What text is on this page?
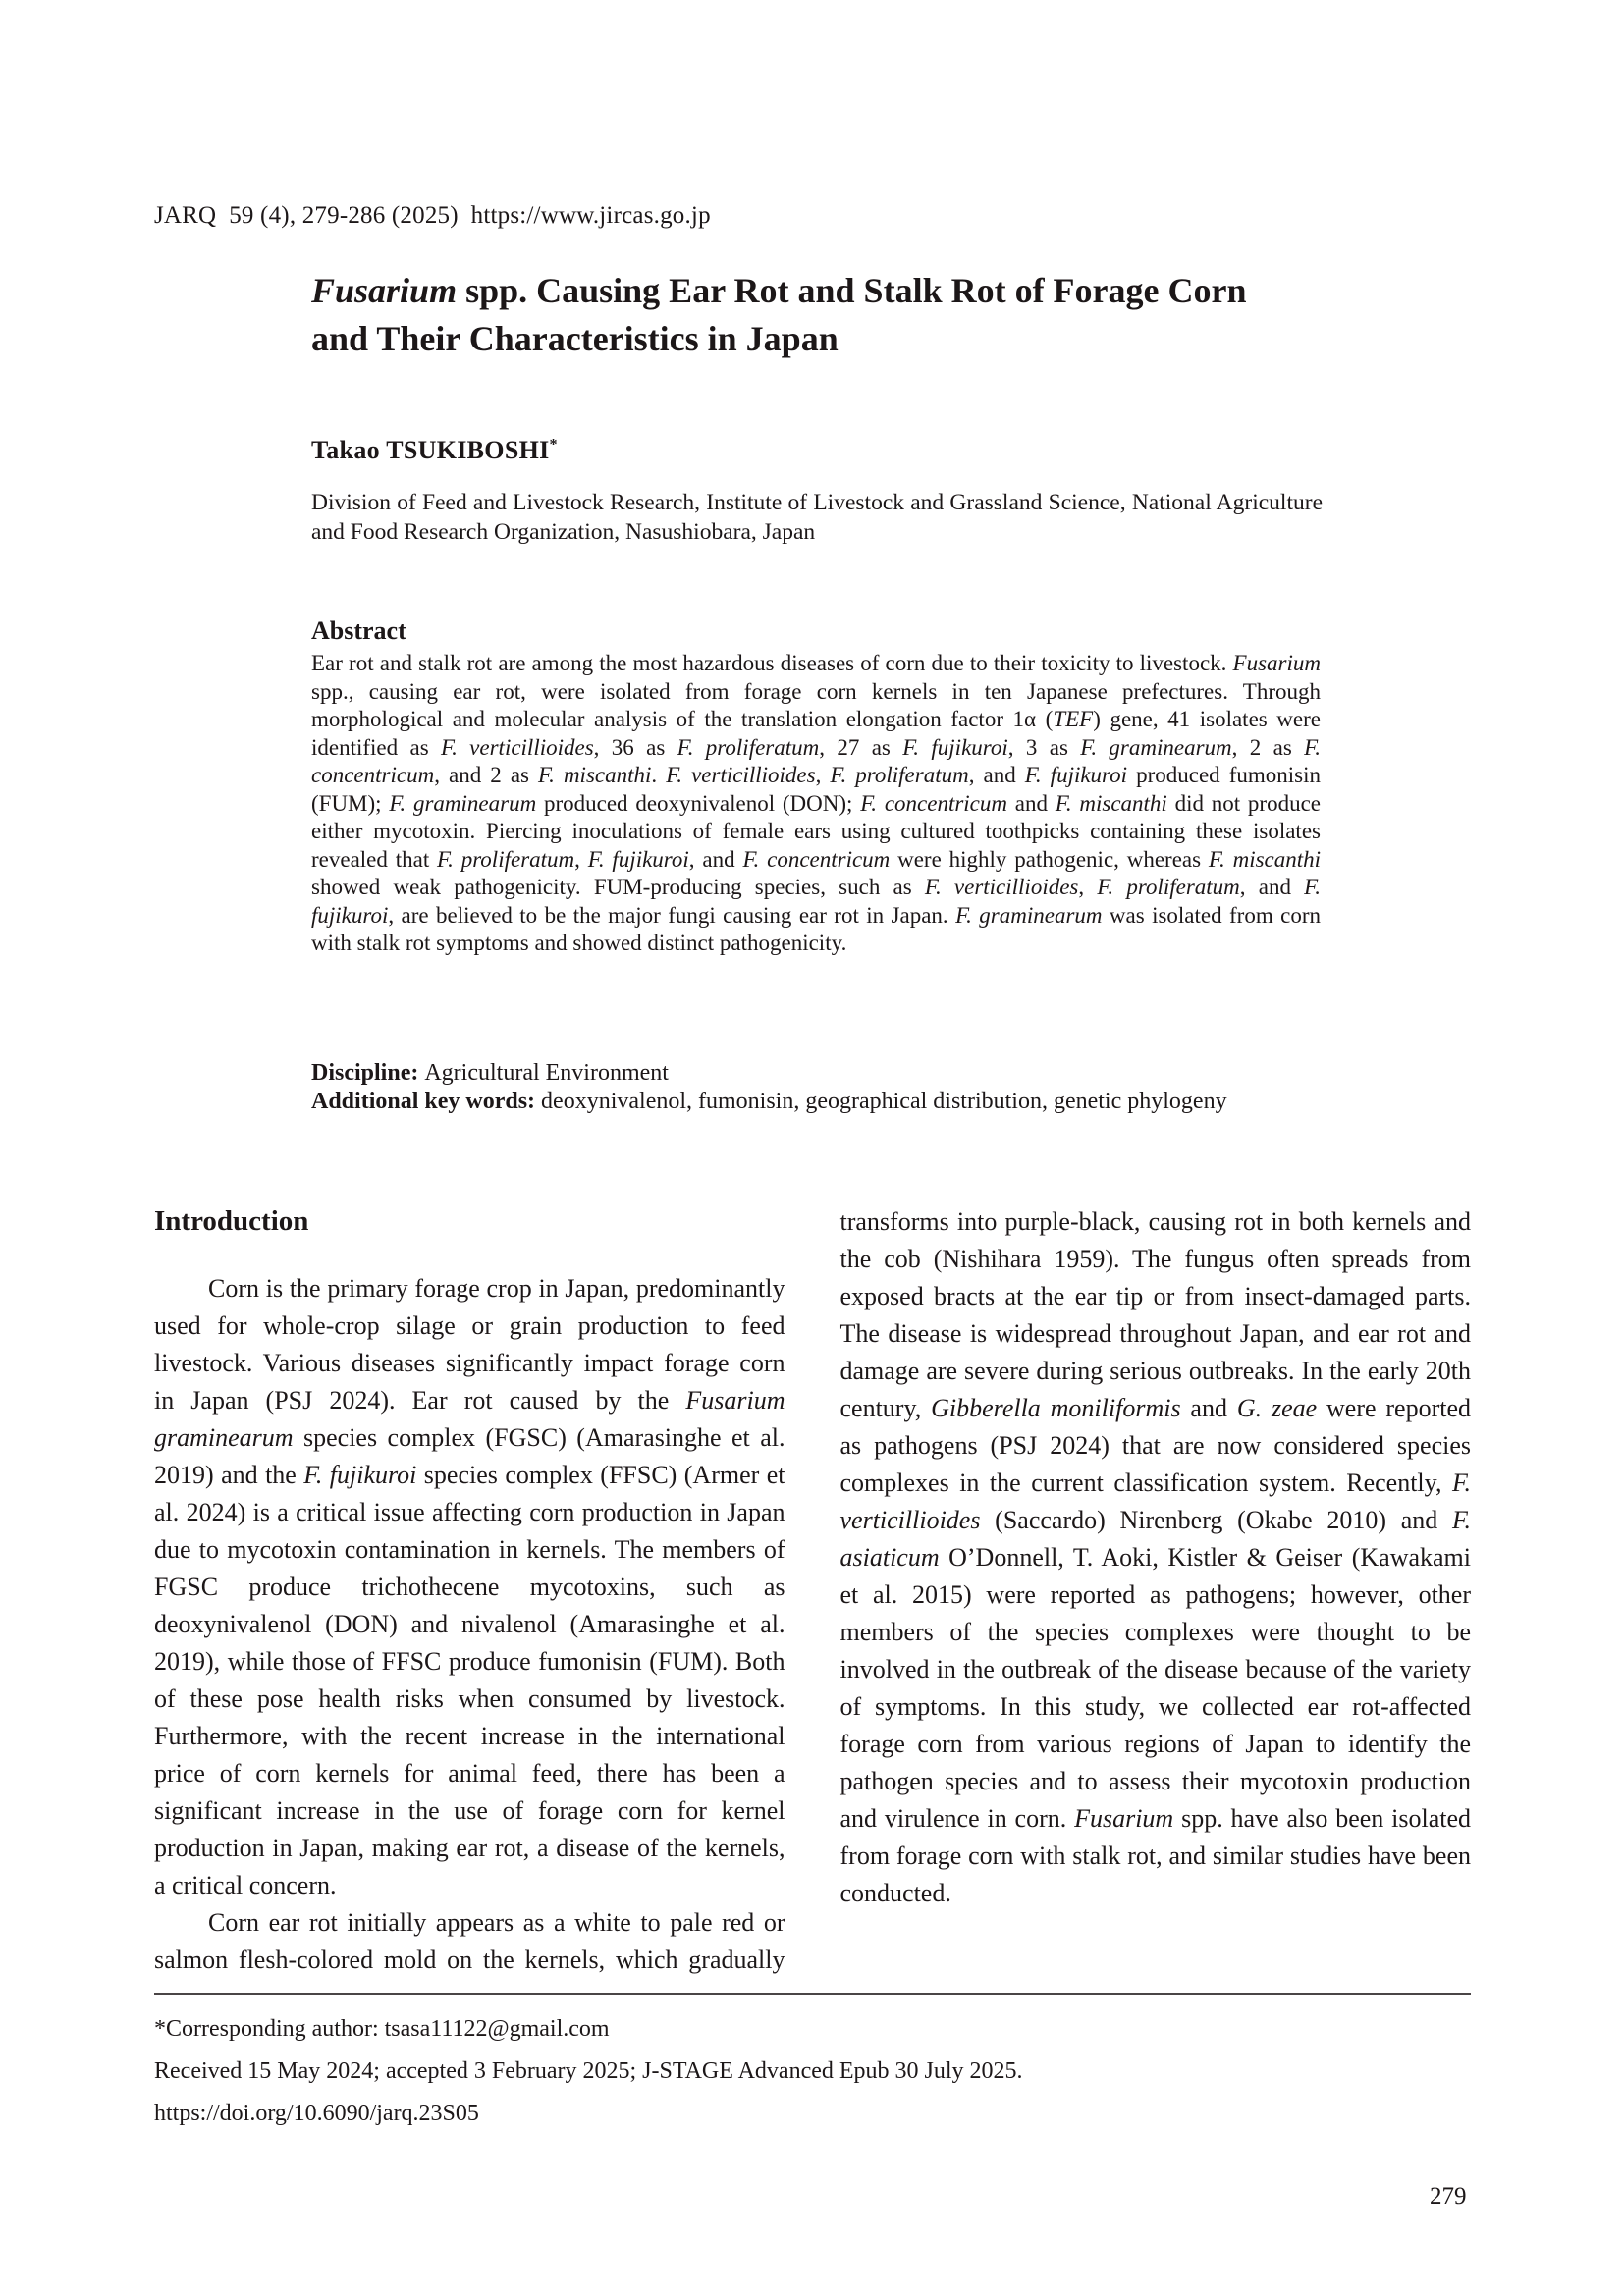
JARQ  59 (4), 279-286 (2025)  https://www.jircas.go.jp
Fusarium spp. Causing Ear Rot and Stalk Rot of Forage Corn
and Their Characteristics in Japan
Takao TSUKIBOSHI*
Division of Feed and Livestock Research, Institute of Livestock and Grassland Science, National Agriculture and Food Research Organization, Nasushiobara, Japan
Abstract
Ear rot and stalk rot are among the most hazardous diseases of corn due to their toxicity to livestock. Fusarium spp., causing ear rot, were isolated from forage corn kernels in ten Japanese prefectures. Through morphological and molecular analysis of the translation elongation factor 1α (TEF) gene, 41 isolates were identified as F. verticillioides, 36 as F. proliferatum, 27 as F. fujikuroi, 3 as F. graminearum, 2 as F. concentricum, and 2 as F. miscanthi. F. verticillioides, F. proliferatum, and F. fujikuroi produced fumonisin (FUM); F. graminearum produced deoxynivalenol (DON); F. concentricum and F. miscanthi did not produce either mycotoxin. Piercing inoculations of female ears using cultured toothpicks containing these isolates revealed that F. proliferatum, F. fujikuroi, and F. concentricum were highly pathogenic, whereas F. miscanthi showed weak pathogenicity. FUM-producing species, such as F. verticillioides, F. proliferatum, and F. fujikuroi, are believed to be the major fungi causing ear rot in Japan. F. graminearum was isolated from corn with stalk rot symptoms and showed distinct pathogenicity.
Discipline: Agricultural Environment
Additional key words: deoxynivalenol, fumonisin, geographical distribution, genetic phylogeny
Introduction

Corn is the primary forage crop in Japan, predominantly used for whole-crop silage or grain production to feed livestock. Various diseases significantly impact forage corn in Japan (PSJ 2024). Ear rot caused by the Fusarium graminearum species complex (FGSC) (Amarasinghe et al. 2019) and the F. fujikuroi species complex (FFSC) (Armer et al. 2024) is a critical issue affecting corn production in Japan due to mycotoxin contamination in kernels. The members of FGSC produce trichothecene mycotoxins, such as deoxynivalenol (DON) and nivalenol (Amarasinghe et al. 2019), while those of FFSC produce fumonisin (FUM). Both of these pose health risks when consumed by livestock. Furthermore, with the recent increase in the international price of corn kernels for animal feed, there has been a significant increase in the use of forage corn for kernel production in Japan, making ear rot, a disease of the kernels, a critical concern.

Corn ear rot initially appears as a white to pale red or salmon flesh-colored mold on the kernels, which gradually transforms into purple-black, causing rot in both kernels and the cob (Nishihara 1959). The fungus often spreads from exposed bracts at the ear tip or from insect-damaged parts. The disease is widespread throughout Japan, and ear rot and damage are severe during serious outbreaks. In the early 20th century, Gibberella moniliformis and G. zeae were reported as pathogens (PSJ 2024) that are now considered species complexes in the current classification system. Recently, F. verticillioides (Saccardo) Nirenberg (Okabe 2010) and F. asiaticum O’Donnell, T. Aoki, Kistler & Geiser (Kawakami et al. 2015) were reported as pathogens; however, other members of the species complexes were thought to be involved in the outbreak of the disease because of the variety of symptoms. In this study, we collected ear rot-affected forage corn from various regions of Japan to identify the pathogen species and to assess their mycotoxin production and virulence in corn. Fusarium spp. have also been isolated from forage corn with stalk rot, and similar studies have been conducted.

*Corresponding author: tsasa11122@gmail.com
Received 15 May 2024; accepted 3 February 2025; J-STAGE Advanced Epub 30 July 2025.
https://doi.org/10.6090/jarq.23S05
279
